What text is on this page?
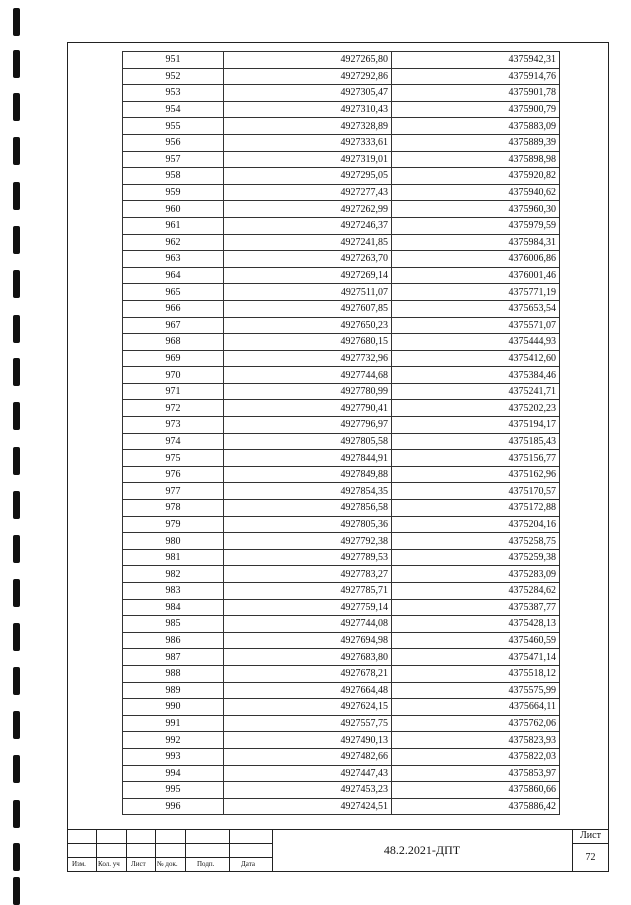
951	4927265,80	4375942,31
952	4927292,86	4375914,76
953	4927305,47	4375901,78
954	4927310,43	4375900,79
955	4927328,89	4375883,09
956	4927333,61	4375889,39
957	4927319,01	4375898,98
958	4927295,05	4375920,82
959	4927277,43	4375940,62
960	4927262,99	4375960,30
961	4927246,37	4375979,59
962	4927241,85	4375984,31
963	4927263,70	4376006,86
964	4927269,14	4376001,46
965	4927511,07	4375771,19
966	4927607,85	4375653,54
967	4927650,23	4375571,07
968	4927680,15	4375444,93
969	4927732,96	4375412,60
970	4927744,68	4375384,46
971	4927780,99	4375241,71
972	4927790,41	4375202,23
973	4927796,97	4375194,17
974	4927805,58	4375185,43
975	4927844,91	4375156,77
976	4927849,88	4375162,96
977	4927854,35	4375170,57
978	4927856,58	4375172,88
979	4927805,36	4375204,16
980	4927792,38	4375258,75
981	4927789,53	4375259,38
982	4927783,27	4375283,09
983	4927785,71	4375284,62
984	4927759,14	4375387,77
985	4927744,08	4375428,13
986	4927694,98	4375460,59
987	4927683,80	4375471,14
988	4927678,21	4375518,12
989	4927664,48	4375575,99
990	4927624,15	4375664,11
991	4927557,75	4375762,06
992	4927490,13	4375823,93
993	4927482,66	4375822,03
994	4927447,43	4375853,97
995	4927453,23	4375860,66
996	4927424,51	4375886,42
Изм. Кол. уч Лист № док.	Подп.	Дата
48.2.2021-ДПТ
Лист
72
